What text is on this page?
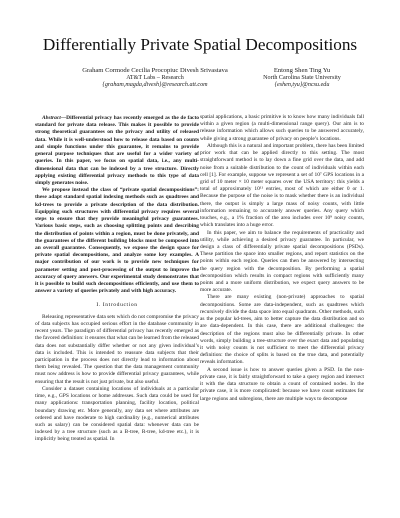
Differentially Private Spatial Decompositions
Graham Cormode Cecilia Procopiuc Divesh Srivastava
AT&T Labs – Research
{graham,magda,divesh}@research.att.com
Entong Shen Ting Yu
North Carolina State University
{eshen,tyu}@ncsu.edu

Abstract—Differential privacy has recently emerged as the de facto standard for private data release. This makes it possible to provide strong theoretical guarantees on the privacy and utility of released data. While it is well-understood how to release data based on counts and simple functions under this guarantee, it remains to provide general purpose techniques that are useful for a wider variety of queries. In this paper, we focus on spatial data, i.e., any multi-dimensional data that can be indexed by a tree structure. Directly applying existing differential privacy methods to this type of data simply generates noise.

We propose instead the class of “private spatial decompositions”: these adapt standard spatial indexing methods such as quadtrees and kd-trees to provide a private description of the data distribution. Equipping such structures with differential privacy requires several steps to ensure that they provide meaningful privacy guarantees. Various basic steps, such as choosing splitting points and describing the distribution of points within a region, must be done privately, and the guarantees of the different building blocks must be composed into an overall guarantee. Consequently, we expose the design space for private spatial decompositions, and analyze some key examples. A major contribution of our work is to provide new techniques for parameter setting and post-processing of the output to improve the accuracy of query answers. Our experimental study demonstrates that it is possible to build such decompositions efficiently, and use them to answer a variety of queries privately and with high accuracy.

I. Introduction

Releasing representative data sets which do not compromise the privacy of data subjects has occupied serious effort in the database community in recent years. The paradigm of differential privacy has recently emerged as the favored definition: it ensures that what can be learned from the released data does not substantially differ whether or not any given individual’s data is included. This is intended to reassure data subjects that their participation in the process does not directly lead to information about them being revealed. The question that the data management community must now address is how to provide differential privacy guarantees, while ensuring that the result is not just private, but also useful.

Consider a dataset containing locations of individuals at a particular time, e.g., GPS locations or home addresses. Such data could be used for many applications: transportation planning, facility location, political boundary drawing etc. More generally, any data set where attributes are ordered and have moderate to high cardinality (e.g., numerical attributes such as salary) can be considered spatial data: whenever data can be indexed by a tree structure (such as a B-tree, R-tree, kd-tree etc.), it is implicitly being treated as spatial. In

spatial applications, a basic primitive is to know how many individuals fall within a given region (a multi-dimensional range query). Our aim is to release information which allows such queries to be answered accurately, while giving a strong guarantee of privacy on people’s locations.

Although this is a natural and important problem, there has been limited prior work that can be applied directly to this setting. The most straightforward method is to lay down a fine grid over the data, and add noise from a suitable distribution to the count of individuals within each cell [1]. For example, suppose we represent a set of 10⁷ GPS locations in a grid of 10 meter × 10 meter squares over the USA territory: this yields a total of approximately 10¹¹ entries, most of which are either 0 or 1. Because the purpose of the noise is to mask whether there is an individual there, the output is simply a large mass of noisy counts, with little information remaining to accurately answer queries. Any query which touches, e.g., a 1% fraction of the area includes over 10⁹ noisy counts, which translates into a huge error.

In this paper, we aim to balance the requirements of practicality and utility, while achieving a desired privacy guarantee. In particular, we design a class of differentially private spatial decompositions (PSDs). These partition the space into smaller regions, and report statistics on the points within each region. Queries can then be answered by intersecting the query region with the decomposition. By performing a spatial decomposition which results in compact regions with sufficiently many points and a more uniform distribution, we expect query answers to be more accurate.

There are many existing (non-private) approaches to spatial decompositions. Some are data-independent, such as quadtrees which recursively divide the data space into equal quadrants. Other methods, such as the popular kd-trees, aim to better capture the data distribution and so are data-dependent. In this case, there are additional challenges: the description of the regions must also be differentially private. In other words, simply building a tree-structure over the exact data and populating it with noisy counts is not sufficient to meet the differential privacy definition: the choice of splits is based on the true data, and potentially reveals information.

A second issue is how to answer queries given a PSD. In the non-private case, it is fairly straightforward to take a query region and intersect it with the data structure to obtain a count of contained nodes. In the private case, it is more complicated: because we have count estimates for large regions and subregions, there are multiple ways to decompose
